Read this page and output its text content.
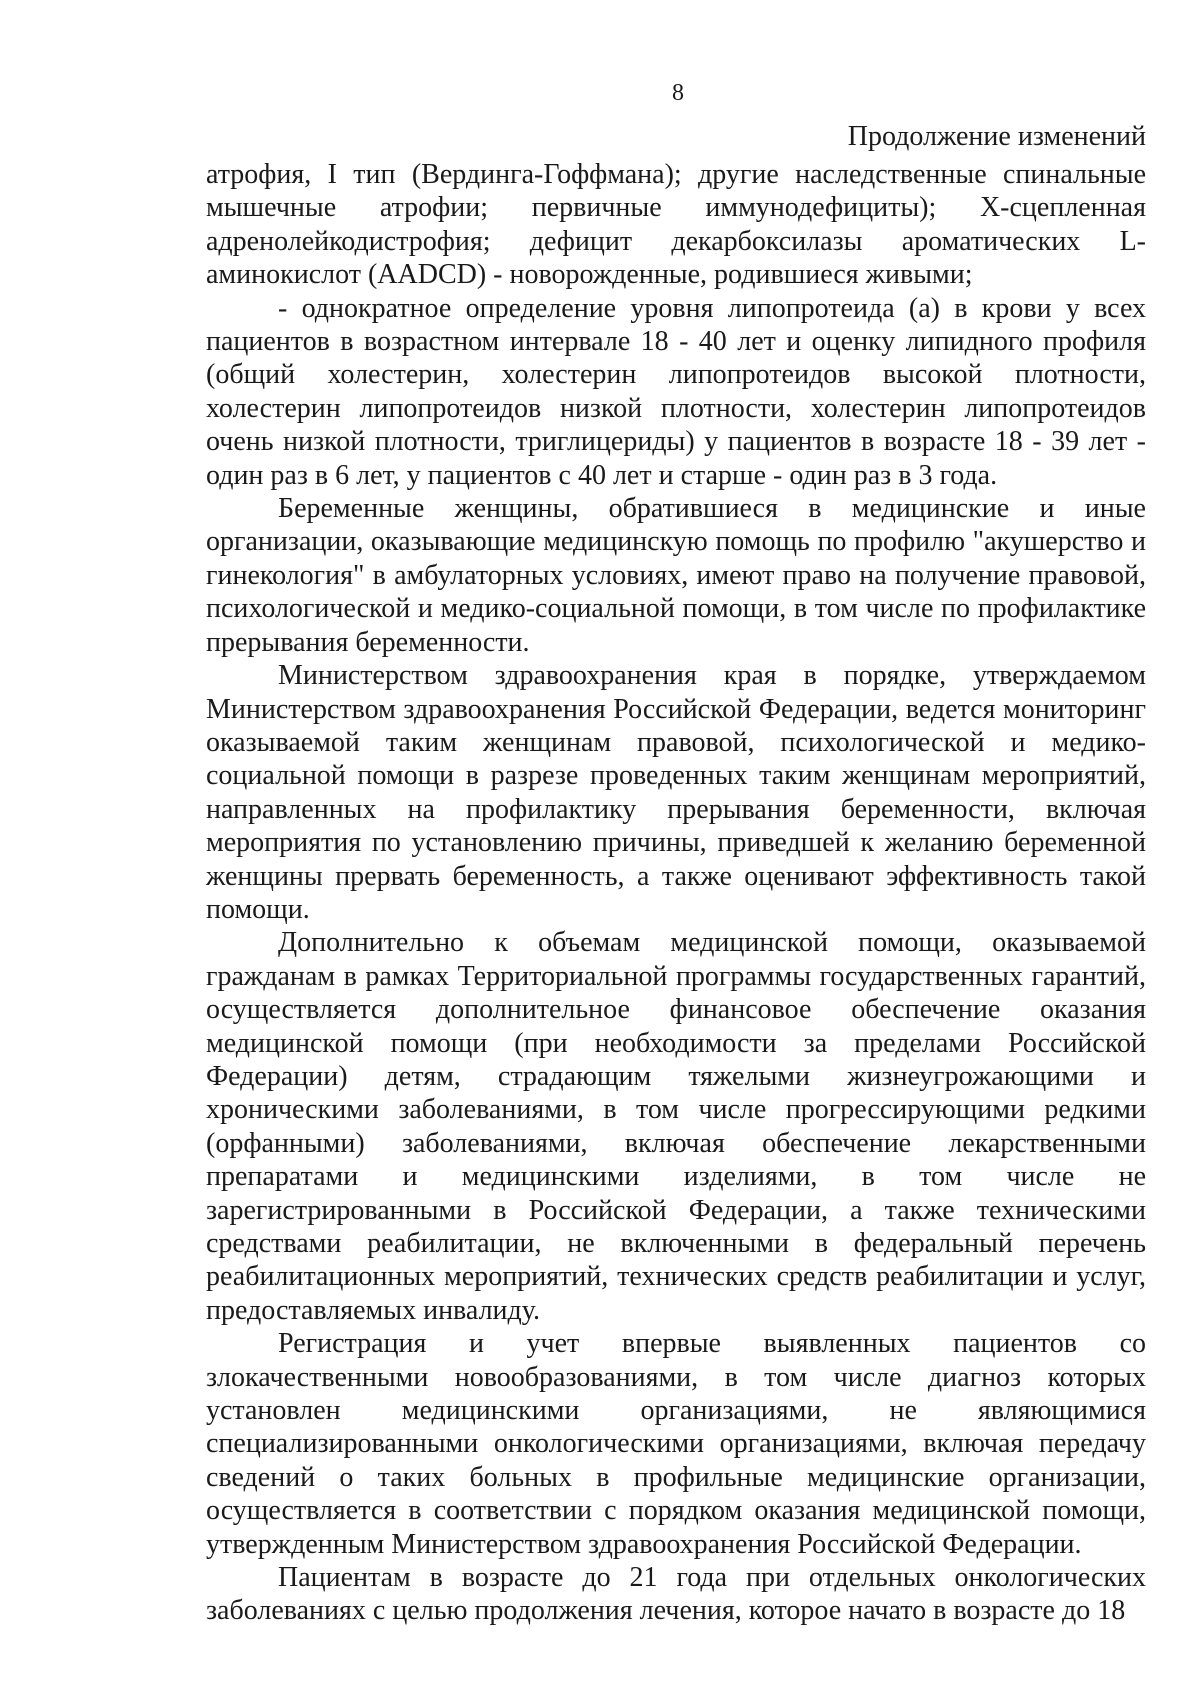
8
Продолжение изменений

атрофия, I тип (Вердинга-Гоффмана); другие наследственные спинальные мышечные атрофии; первичные иммунодефициты); X-сцепленная адренолейкодистрофия; дефицит декарбоксилазы ароматических L-аминокислот (AADCD) - новорожденные, родившиеся живыми;

- однократное определение уровня липопротеида (а) в крови у всех пациентов в возрастном интервале 18 - 40 лет и оценку липидного профиля (общий холестерин, холестерин липопротеидов высокой плотности, холестерин липопротеидов низкой плотности, холестерин липопротеидов очень низкой плотности, триглицериды) у пациентов в возрасте 18 - 39 лет - один раз в 6 лет, у пациентов с 40 лет и старше - один раз в 3 года.

Беременные женщины, обратившиеся в медицинские и иные организации, оказывающие медицинскую помощь по профилю "акушерство и гинекология" в амбулаторных условиях, имеют право на получение правовой, психологической и медико-социальной помощи, в том числе по профилактике прерывания беременности.

Министерством здравоохранения края в порядке, утверждаемом Министерством здравоохранения Российской Федерации, ведется мониторинг оказываемой таким женщинам правовой, психологической и медико-социальной помощи в разрезе проведенных таким женщинам мероприятий, направленных на профилактику прерывания беременности, включая мероприятия по установлению причины, приведшей к желанию беременной женщины прервать беременность, а также оценивают эффективность такой помощи.

Дополнительно к объемам медицинской помощи, оказываемой гражданам в рамках Территориальной программы государственных гарантий, осуществляется дополнительное финансовое обеспечение оказания медицинской помощи (при необходимости за пределами Российской Федерации) детям, страдающим тяжелыми жизнеугрожающими и хроническими заболеваниями, в том числе прогрессирующими редкими (орфанными) заболеваниями, включая обеспечение лекарственными препаратами и медицинскими изделиями, в том числе не зарегистрированными в Российской Федерации, а также техническими средствами реабилитации, не включенными в федеральный перечень реабилитационных мероприятий, технических средств реабилитации и услуг, предоставляемых инвалиду.

Регистрация и учет впервые выявленных пациентов со злокачественными новообразованиями, в том числе диагноз которых установлен медицинскими организациями, не являющимися специализированными онкологическими организациями, включая передачу сведений о таких больных в профильные медицинские организации, осуществляется в соответствии с порядком оказания медицинской помощи, утвержденным Министерством здравоохранения Российской Федерации.

Пациентам в возрасте до 21 года при отдельных онкологических заболеваниях с целью продолжения лечения, которое начато в возрасте до 18
